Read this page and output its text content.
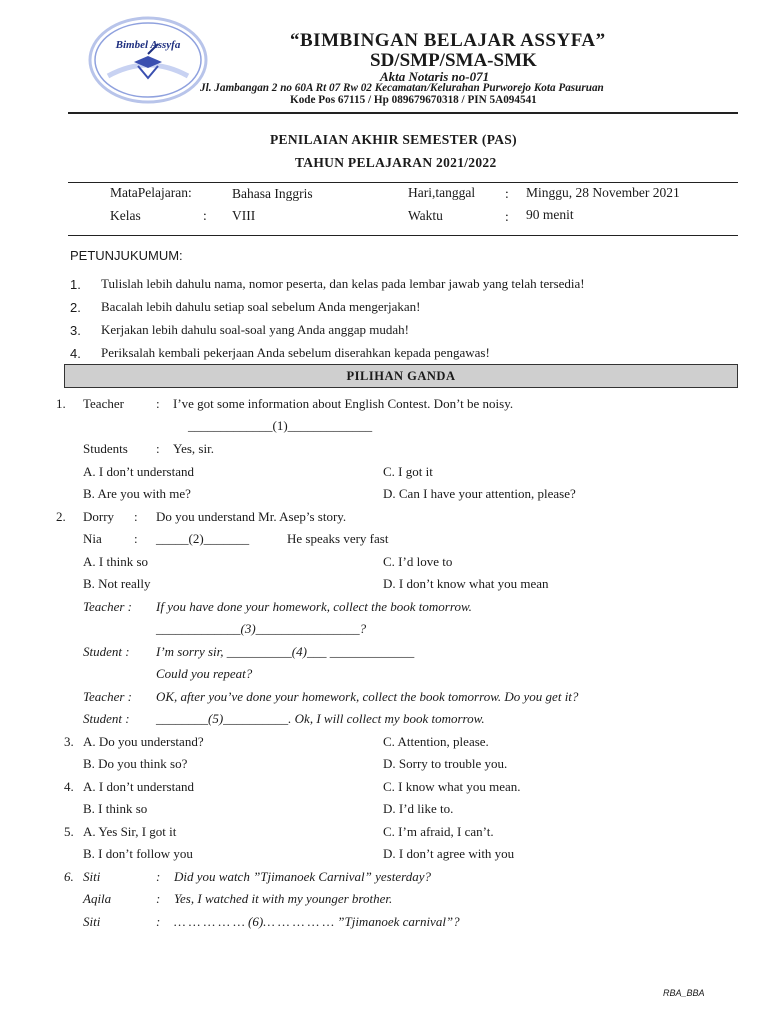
Bimbel Assyfa	“BIMBINGAN BELAJAR ASSYFA”
SD/SMP/SMA-SMK
Akta Notaris no-071
Jl. Jambangan 2 no 60A Rt 07 Rw 02 Kecamatan/Kelurahan Purworejo Kota Pasuruan
Kode Pos 67115 / Hp 089679670318 / PIN 5A094541
PENILAIAN AKHIR SEMESTER (PAS)
TAHUN PELAJARAN 2021/2022
MataPelajaran:	Bahasa Inggris	Hari,tanggal : Minggu, 28 November 2021
Kelas	: VIII	Waktu	: 90 menit
PETUNJUKUMUM:
1. Tulislah lebih dahulu nama, nomor peserta, dan kelas pada lembar jawab yang telah tersedia!
2. Bacalah lebih dahulu setiap soal sebelum Anda mengerjakan!
3. Kerjakan lebih dahulu soal-soal yang Anda anggap mudah!
4. Periksalah kembali pekerjaan Anda sebelum diserahkan kepada pengawas!
PILIHAN GANDA
1. Teacher : I’ve got some information about English Contest. Don’t be noisy.
_____________(1)_____________
Students : Yes, sir.
A. I don’t understand	C. I got it
B. Are you with me?	D. Can I have your attention, please?
2. Dorry : Do you understand Mr. Asep’s story.
Nia : _____(2)_______	He speaks very fast
A. I think so	C. I’d love to
B. Not really	D. I don’t know what you mean
Teacher : If you have done your homework, collect the book tomorrow.
_____________(3)________________?
Student : I’m sorry sir, __________(4)___ _____________
Could you repeat?
Teacher : OK, after you’ve done your homework, collect the book tomorrow. Do you get it?
Student : ________(5)__________. Ok, I will collect my book tomorrow.
3. A. Do you understand?	C. Attention, please.
B. Do you think so?	D. Sorry to trouble you.
4. A. I don’t understand	C. I know what you mean.
B. I think so	D. I’d like to.
5. A. Yes Sir, I got it	C. I’m afraid, I can’t.
B. I don’t follow you	D. I don’t agree with you
6. Siti	: Did you watch ”Tjimanoek Carnival” yesterday?
Aqila	: Yes, I watched it with my younger brother.
Siti	: … … … … … (6)… … … … … ”Tjimanoek carnival”?
RBA_BBA
